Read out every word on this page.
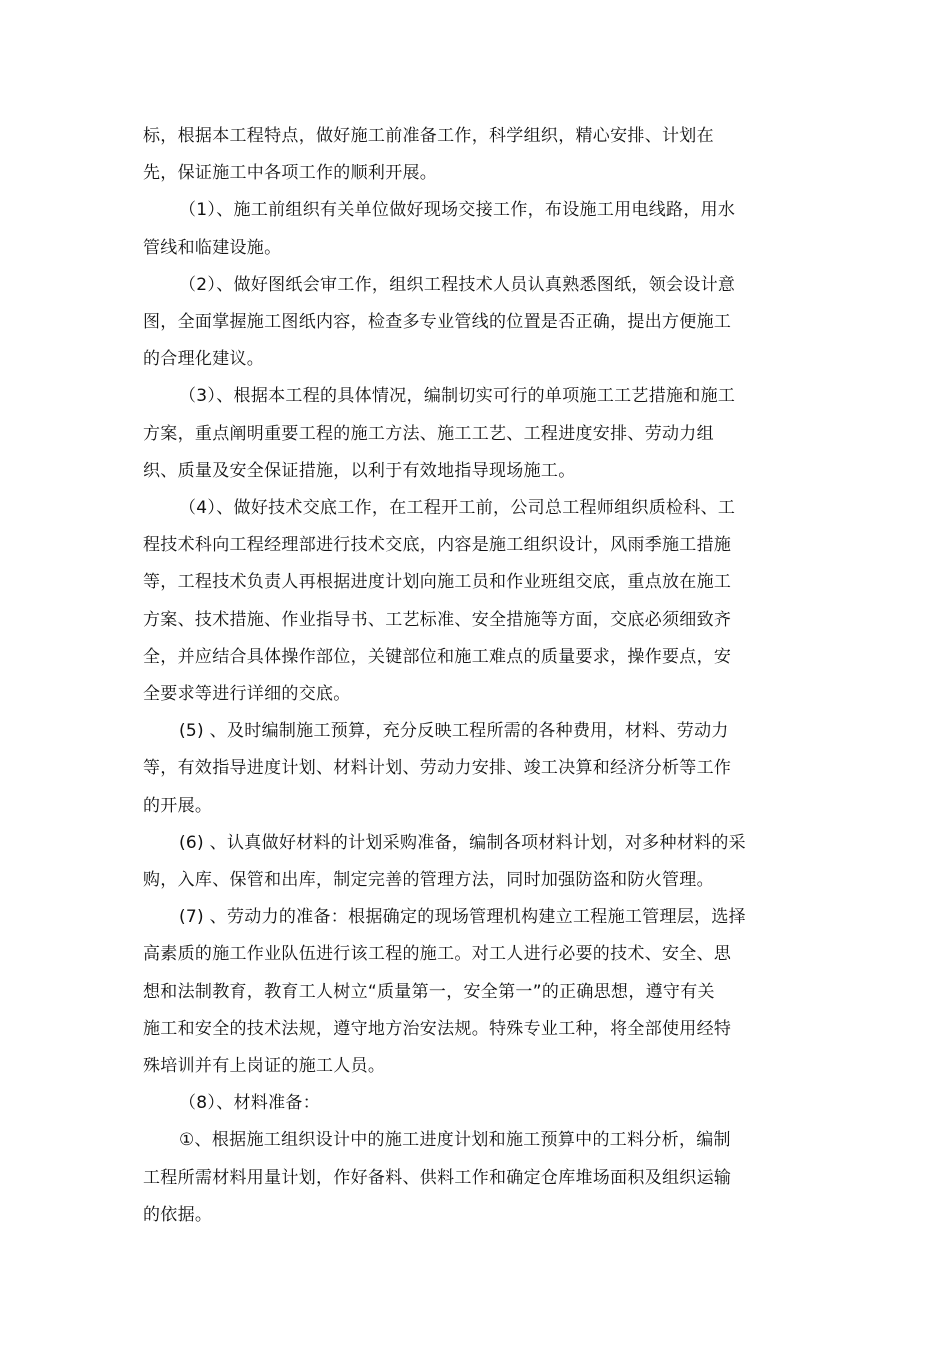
标，根据本工程特点，做好施工前准备工作，科学组织，精心安排、计划在
先，保证施工中各项工作的顺利开展。

（1）、施工前组织有关单位做好现场交接工作，布设施工用电线路，用水
管线和临建设施。

（2）、做好图纸会审工作，组织工程技术人员认真熟悉图纸，领会设计意
图，全面掌握施工图纸内容，检查多专业管线的位置是否正确，提出方便施工
的合理化建议。

（3）、根据本工程的具体情况，编制切实可行的单项施工工艺措施和施工
方案，重点阐明重要工程的施工方法、施工工艺、工程进度安排、劳动力组
织、质量及安全保证措施，以利于有效地指导现场施工。

（4）、做好技术交底工作，在工程开工前，公司总工程师组织质检科、工
程技术科向工程经理部进行技术交底，内容是施工组织设计，风雨季施工措施
等，工程技术负责人再根据进度计划向施工员和作业班组交底，重点放在施工
方案、技术措施、作业指导书、工艺标准、安全措施等方面，交底必须细致齐
全，并应结合具体操作部位，关键部位和施工难点的质量要求，操作要点，安
全要求等进行详细的交底。

(5) 、及时编制施工预算，充分反映工程所需的各种费用，材料、劳动力
等，有效指导进度计划、材料计划、劳动力安排、竣工决算和经济分析等工作
的开展。

(6) 、认真做好材料的计划采购准备，编制各项材料计划，对多种材料的采
购，入库、保管和出库，制定完善的管理方法，同时加强防盗和防火管理。

(7) 、劳动力的准备：根据确定的现场管理机构建立工程施工管理层，选择
高素质的施工作业队伍进行该工程的施工。对工人进行必要的技术、安全、思
想和法制教育，教育工人树立“质量第一，安全第一”的正确思想，遵守有关
施工和安全的技术法规，遵守地方治安法规。特殊专业工种，将全部使用经特
殊培训并有上岗证的施工人员。

（8）、材料准备：

①、根据施工组织设计中的施工进度计划和施工预算中的工料分析，编制
工程所需材料用量计划，作好备料、供料工作和确定仓库堆场面积及组织运输
的依据。
